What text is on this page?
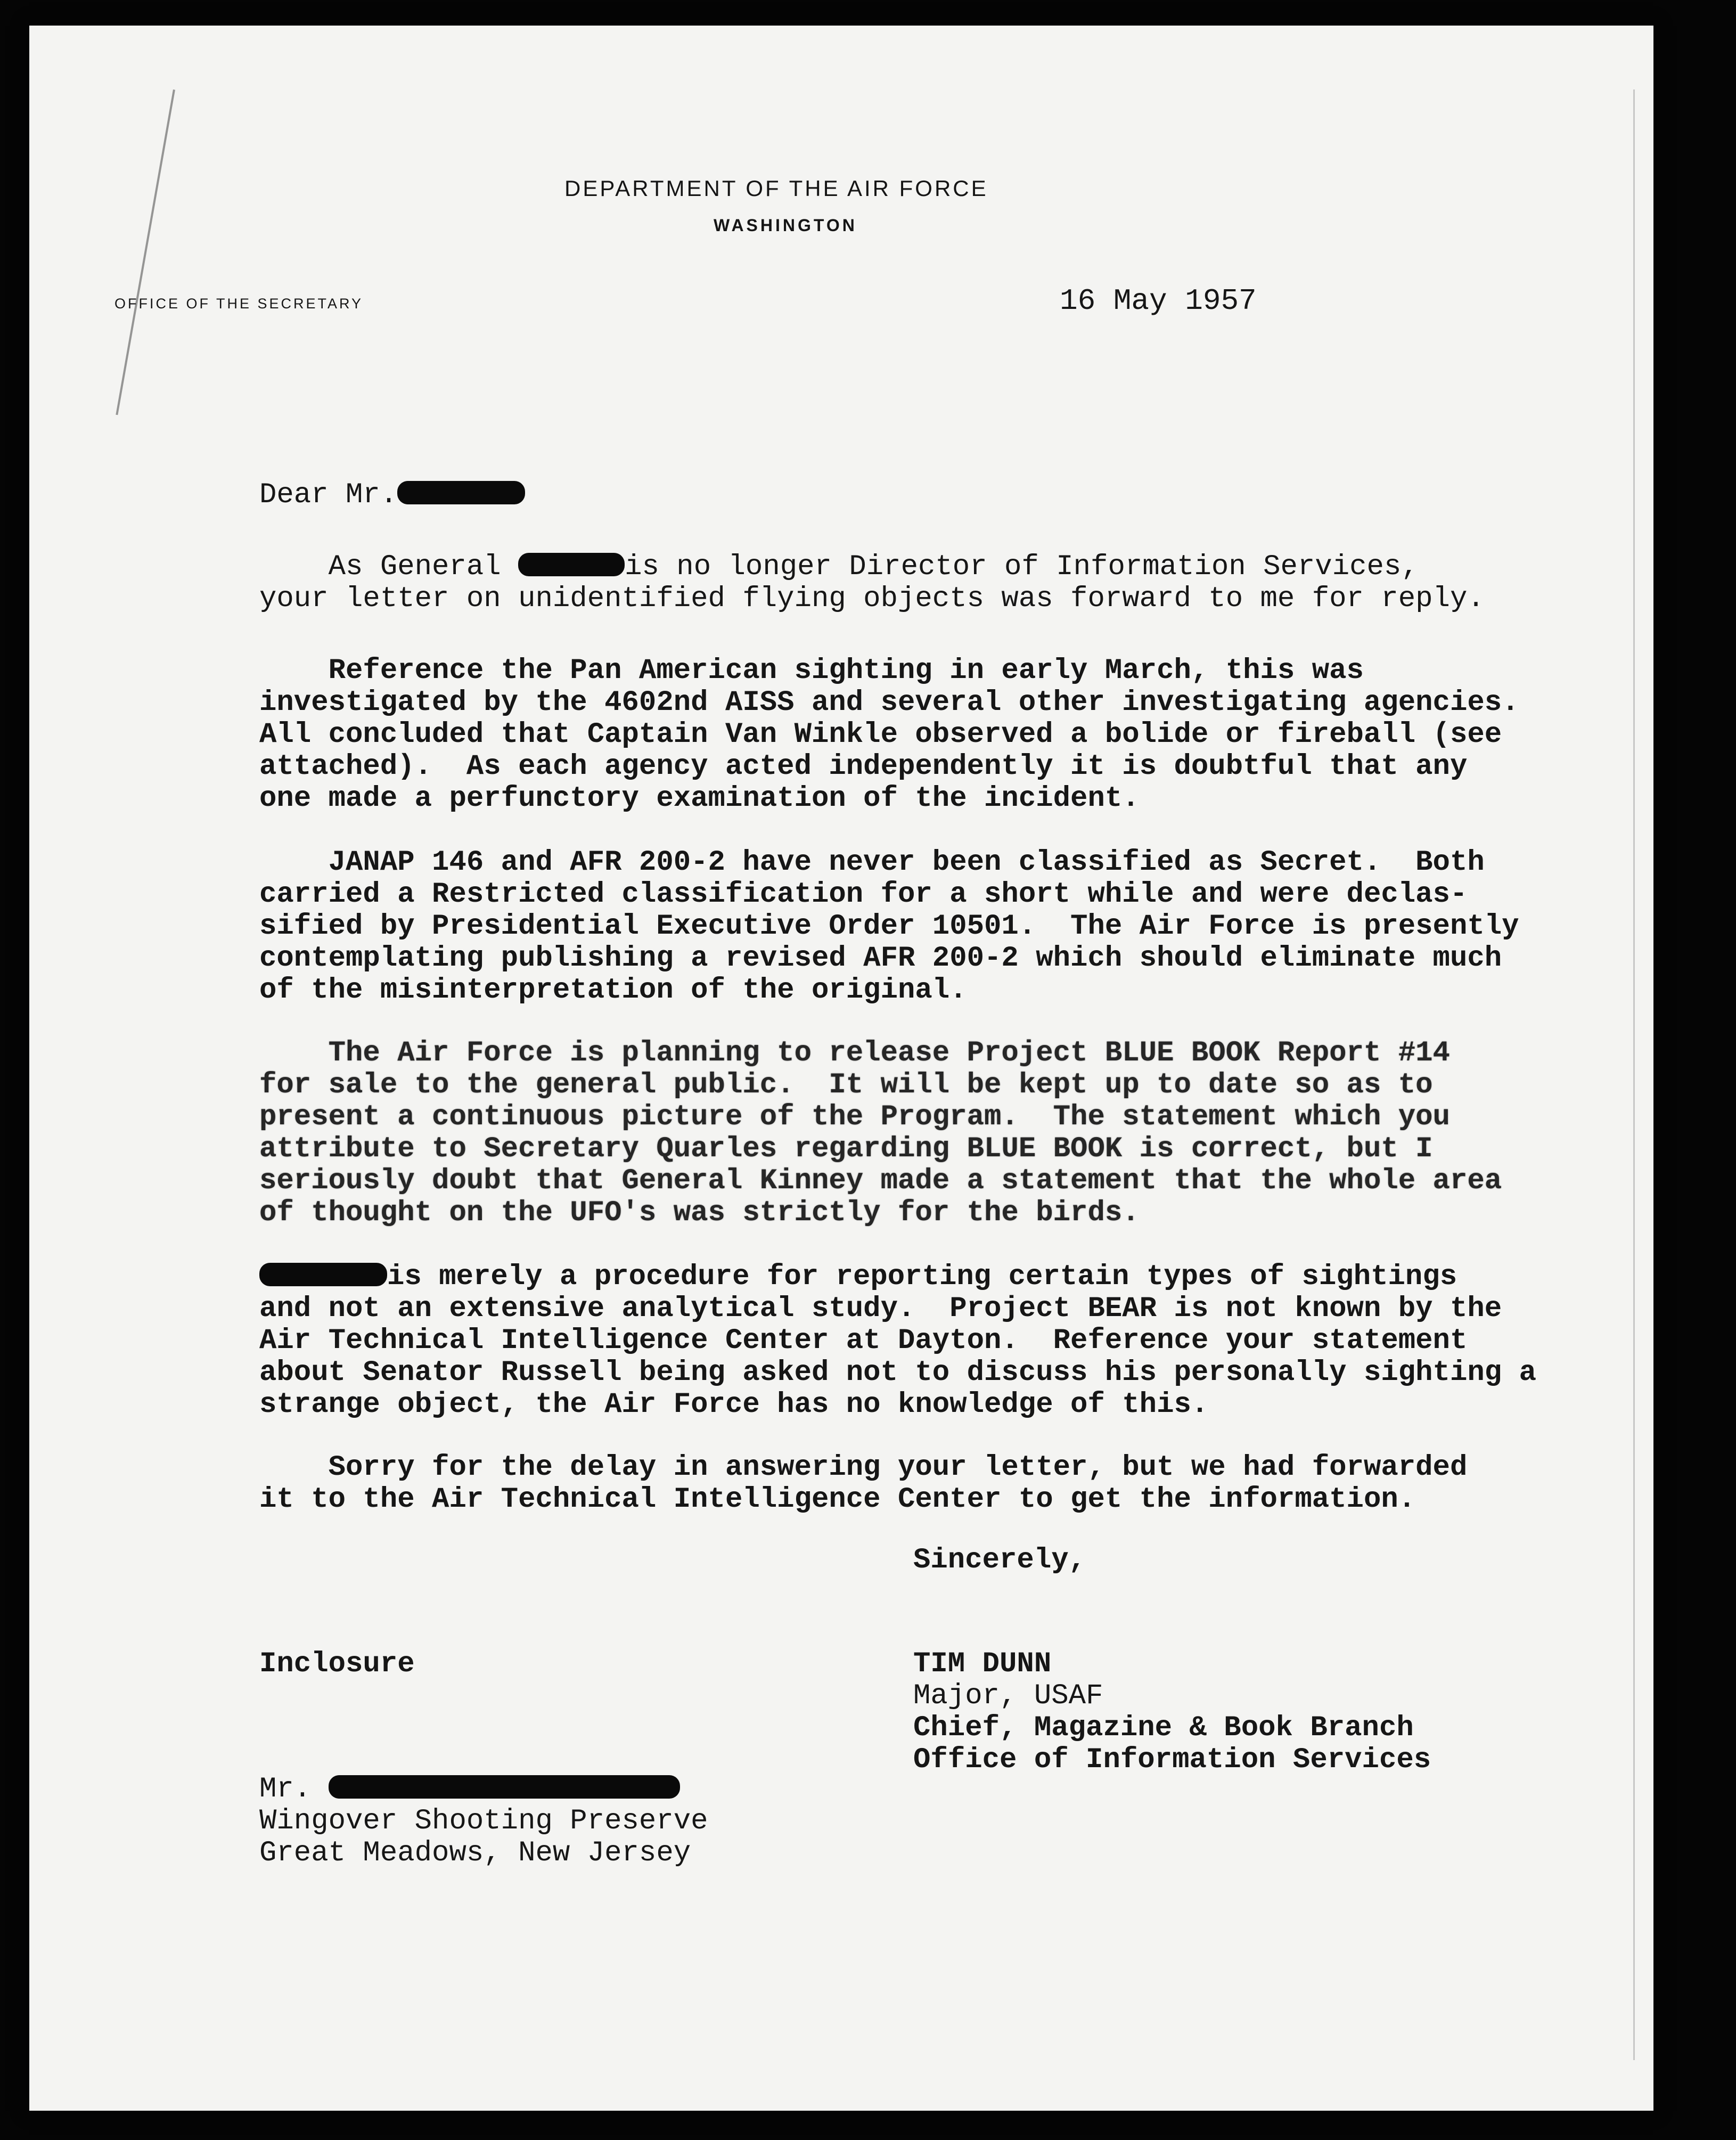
DEPARTMENT OF THE AIR FORCE
WASHINGTON
OFFICE OF THE SECRETARY	16 May 1957
Dear Mr.
As General	is no longer Director of Information Services,
your letter on unidentified flying objects was forward to me for reply.
Reference the Pan American sighting in early March, this was
investigated by the 4602nd AISS and several other investigating agencies.
All concluded that Captain Van Winkle observed a bolide or fireball (see
attached).  As each agency acted independently it is doubtful that any
one made a perfunctory examination of the incident.
JANAP 146 and AFR 200-2 have never been classified as Secret.  Both
carried a Restricted classification for a short while and were declas-
sified by Presidential Executive Order 10501.  The Air Force is presently
contemplating publishing a revised AFR 200-2 which should eliminate much
of the misinterpretation of the original.
The Air Force is planning to release Project BLUE BOOK Report #14
for sale to the general public.  It will be kept up to date so as to
present a continuous picture of the Program.  The statement which you
attribute to Secretary Quarles regarding BLUE BOOK is correct, but I
seriously doubt that General Kinney made a statement that the whole area
of thought on the UFO's was strictly for the birds.
is merely a procedure for reporting certain types of sightings
and not an extensive analytical study.  Project BEAR is not known by the
Air Technical Intelligence Center at Dayton.  Reference your statement
about Senator Russell being asked not to discuss his personally sighting a
strange object, the Air Force has no knowledge of this.
Sorry for the delay in answering your letter, but we had forwarded
it to the Air Technical Intelligence Center to get the information.
Sincerely,
Inclosure	TIM DUNN
Major, USAF
Chief, Magazine & Book Branch
Office of Information Services
Mr.
Wingover Shooting Preserve
Great Meadows, New Jersey
